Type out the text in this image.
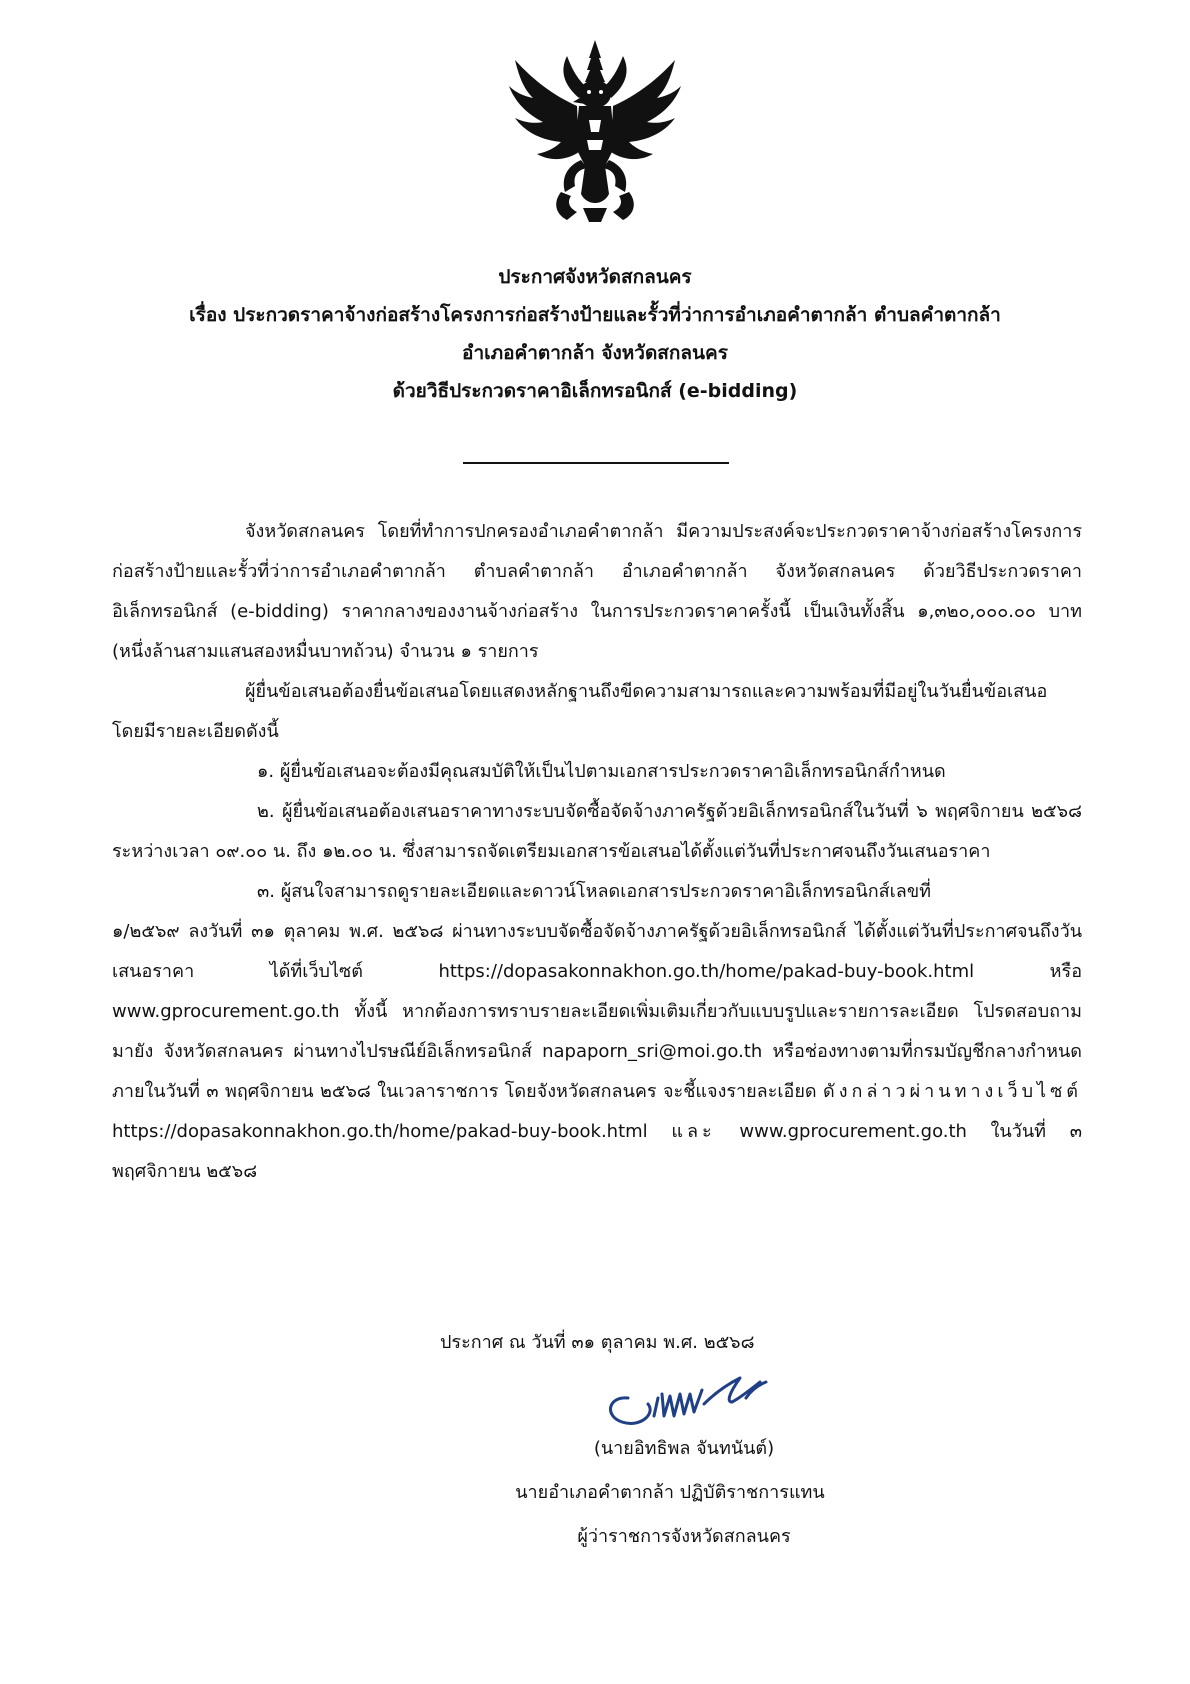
ประกาศจังหวัดสกลนคร
เรื่อง ประกวดราคาจ้างก่อสร้างโครงการก่อสร้างป้ายและรั้วที่ว่าการอำเภอคำตากล้า ตำบลคำตากล้า
อำเภอคำตากล้า จังหวัดสกลนคร
ด้วยวิธีประกวดราคาอิเล็กทรอนิกส์ (e-bidding)

จังหวัดสกลนคร โดยที่ทำการปกครองอำเภอคำตากล้า มีความประสงค์จะประกวดราคาจ้างก่อสร้างโครงการก่อสร้างป้ายและรั้วที่ว่าการอำเภอคำตากล้า ตำบลคำตากล้า อำเภอคำตากล้า จังหวัดสกลนคร ด้วยวิธีประกวดราคาอิเล็กทรอนิกส์ (e-bidding) ราคากลางของงานจ้างก่อสร้าง ในการประกวดราคาครั้งนี้ เป็นเงินทั้งสิ้น ๑,๓๒๐,๐๐๐.๐๐ บาท (หนึ่งล้านสามแสนสองหมื่นบาทถ้วน) จำนวน ๑ รายการ

ผู้ยื่นข้อเสนอต้องยื่นข้อเสนอโดยแสดงหลักฐานถึงขีดความสามารถและความพร้อมที่มีอยู่ในวันยื่นข้อเสนอ โดยมีรายละเอียดดังนี้

๑. ผู้ยื่นข้อเสนอจะต้องมีคุณสมบัติให้เป็นไปตามเอกสารประกวดราคาอิเล็กทรอนิกส์กำหนด

๒. ผู้ยื่นข้อเสนอต้องเสนอราคาทางระบบจัดซื้อจัดจ้างภาครัฐด้วยอิเล็กทรอนิกส์ในวันที่ ๖ พฤศจิกายน ๒๕๖๘ ระหว่างเวลา ๐๙.๐๐ น. ถึง ๑๒.๐๐ น. ซึ่งสามารถจัดเตรียมเอกสารข้อเสนอได้ตั้งแต่วันที่ประกาศจนถึงวันเสนอราคา

๓. ผู้สนใจสามารถดูรายละเอียดและดาวน์โหลดเอกสารประกวดราคาอิเล็กทรอนิกส์เลขที่

๑/๒๕๖๙ ลงวันที่ ๓๑ ตุลาคม พ.ศ. ๒๕๖๘ ผ่านทางระบบจัดซื้อจัดจ้างภาครัฐด้วยอิเล็กทรอนิกส์ ได้ตั้งแต่วันที่ประกาศจนถึงวันเสนอราคา ได้ที่เว็บไซต์ https://dopasakonnakhon.go.th/home/pakad-buy-book.html หรือ www.gprocurement.go.th ทั้งนี้ หากต้องการทราบรายละเอียดเพิ่มเติมเกี่ยวกับแบบรูปและรายการละเอียด โปรดสอบถามมายัง จังหวัดสกลนคร ผ่านทางไปรษณีย์อิเล็กทรอนิกส์ napaporn_sri@moi.go.th หรือช่องทางตามที่กรมบัญชีกลางกำหนด ภายในวันที่ ๓ พฤศจิกายน ๒๕๖๘ ในเวลาราชการ โดยจังหวัดสกลนคร จะชี้แจงรายละเอียด ดังกล่าวผ่านทางเว็บไซต์ https://dopasakonnakhon.go.th/home/pakad-buy-book.html และ www.gprocurement.go.th ในวันที่ ๓ พฤศจิกายน ๒๕๖๘

ประกาศ ณ วันที่ ๓๑ ตุลาคม พ.ศ. ๒๕๖๘
(นายอิทธิพล จันทนันต์)
นายอำเภอคำตากล้า ปฏิบัติราชการแทน
ผู้ว่าราชการจังหวัดสกลนคร
